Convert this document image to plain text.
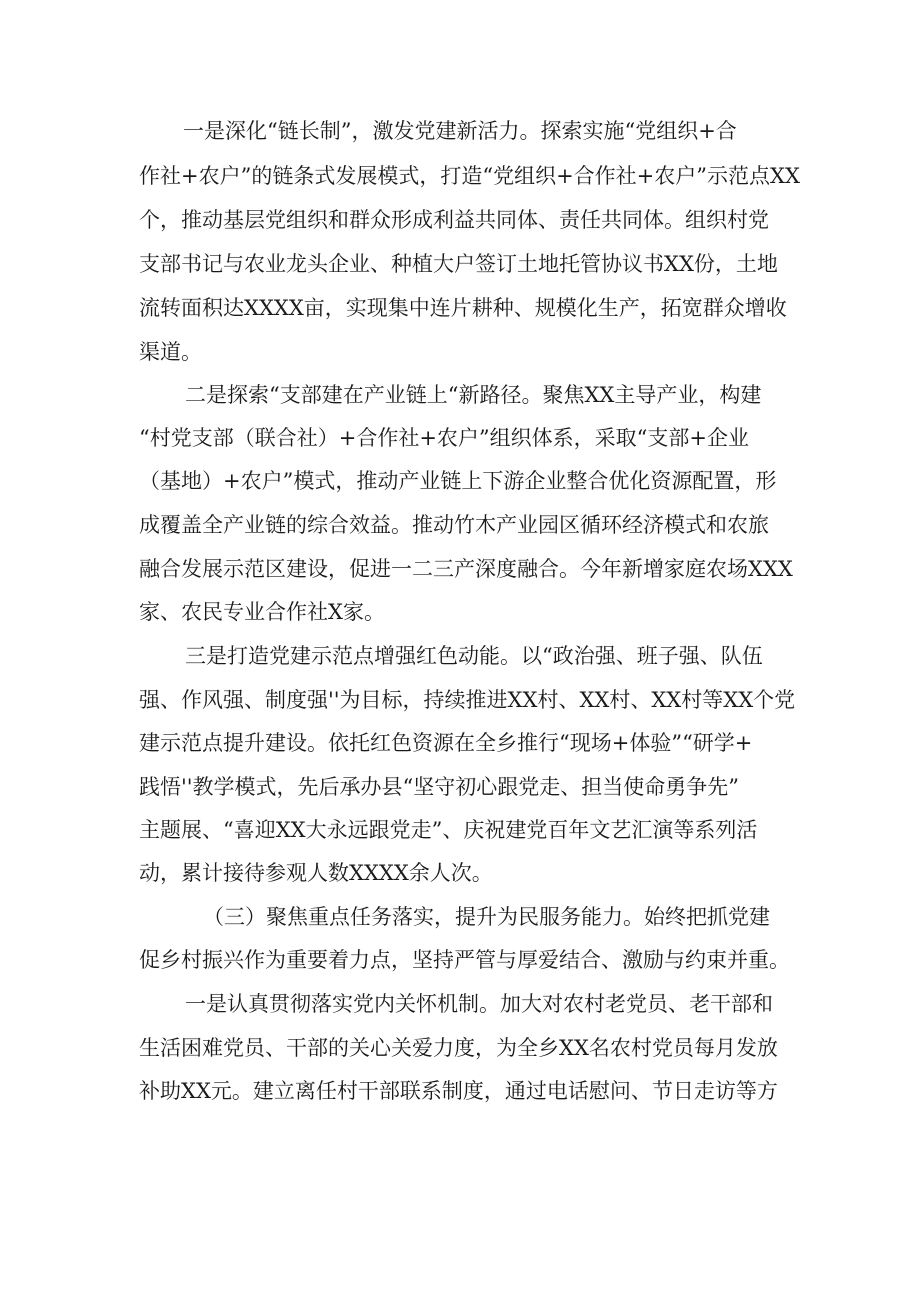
一是深化“链长制”，激发党建新活力。探索实施“党组织+合

作社+农户”的链条式发展模式，打造“党组织+合作社+农户”示范点XX

个，推动基层党组织和群众形成利益共同体、责任共同体。组织村党

支部书记与农业龙头企业、种植大户签订土地托管协议书XX份，土地

流转面积达XXXX亩，实现集中连片耕种、规模化生产，拓宽群众增收

渠道。

二是探索“支部建在产业链上“新路径。聚焦XX主导产业，构建

“村党支部（联合社）+合作社+农户”组织体系，采取“支部+企业

（基地）+农户”模式，推动产业链上下游企业整合优化资源配置，形

成覆盖全产业链的综合效益。推动竹木产业园区循环经济模式和农旅

融合发展示范区建设，促进一二三产深度融合。今年新增家庭农场XXX

家、农民专业合作社X家。

三是打造党建示范点增强红色动能。以“政治强、班子强、队伍

强、作风强、制度强''为目标，持续推进XX村、XX村、XX村等XX个党

建示范点提升建设。依托红色资源在全乡推行“现场+体验”“研学+

践悟''教学模式，先后承办县“坚守初心跟党走、担当使命勇争先”

主题展、“喜迎XX大永远跟党走”、庆祝建党百年文艺汇演等系列活

动，累计接待参观人数XXXX余人次。

（三）聚焦重点任务落实，提升为民服务能力。始终把抓党建

促乡村振兴作为重要着力点，坚持严管与厚爱结合、激励与约束并重。

一是认真贯彻落实党内关怀机制。加大对农村老党员、老干部和

生活困难党员、干部的关心关爱力度，为全乡XX名农村党员每月发放

补助XX元。建立离任村干部联系制度，通过电话慰问、节日走访等方
